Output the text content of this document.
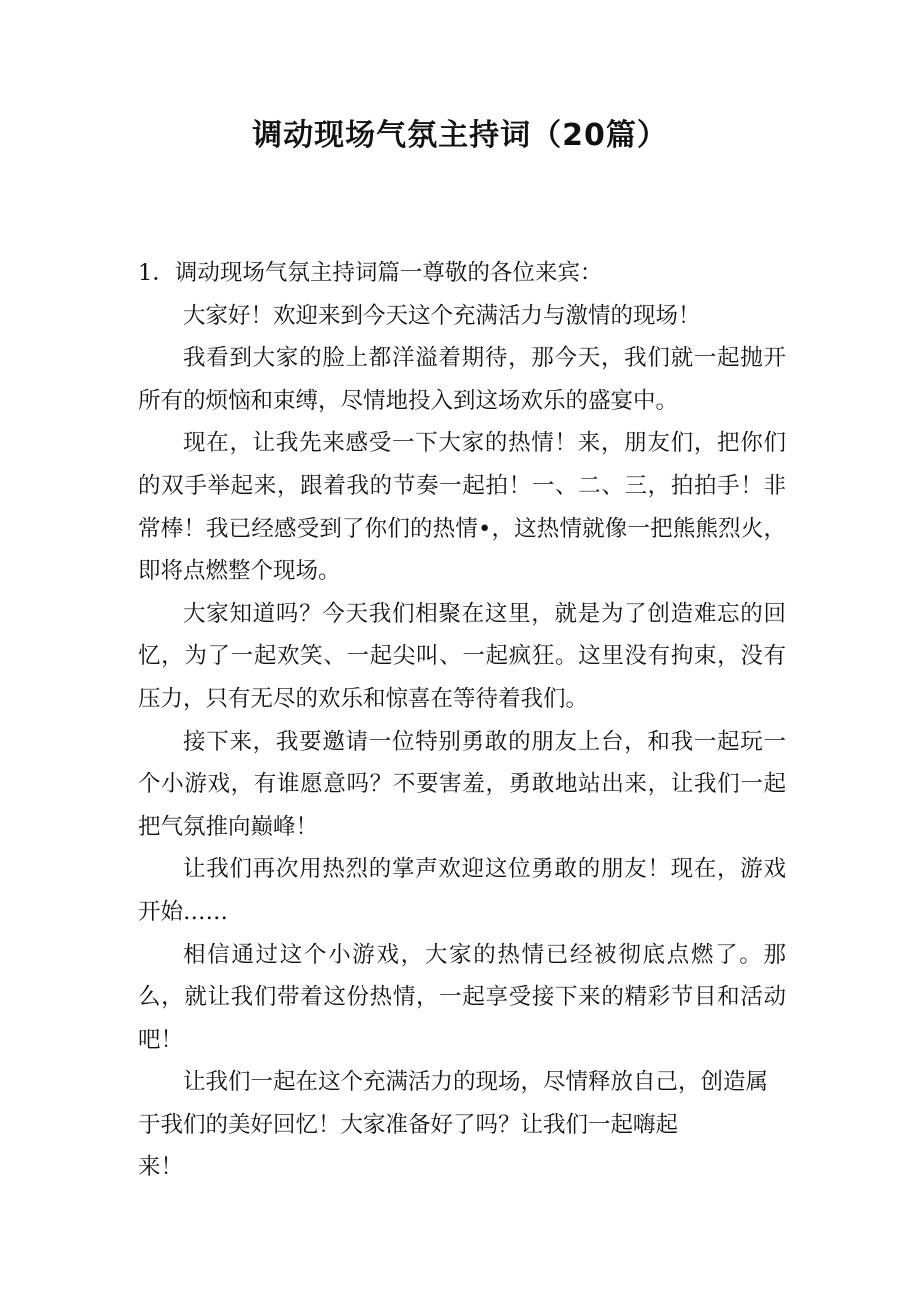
调动现场气氛主持词（20篇）

1．调动现场气氛主持词篇一尊敬的各位来宾：

大家好！欢迎来到今天这个充满活力与激情的现场！

我看到大家的脸上都洋溢着期待，那今天，我们就一起抛开所有的烦恼和束缚，尽情地投入到这场欢乐的盛宴中。

现在，让我先来感受一下大家的热情！来，朋友们，把你们的双手举起来，跟着我的节奏一起拍！一、二、三，拍拍手！非常棒！我已经感受到了你们的热情•，这热情就像一把熊熊烈火，即将点燃整个现场。

大家知道吗？今天我们相聚在这里，就是为了创造难忘的回忆，为了一起欢笑、一起尖叫、一起疯狂。这里没有拘束，没有压力，只有无尽的欢乐和惊喜在等待着我们。

接下来，我要邀请一位特别勇敢的朋友上台，和我一起玩一个小游戏，有谁愿意吗？不要害羞，勇敢地站出来，让我们一起把气氛推向巅峰！

让我们再次用热烈的掌声欢迎这位勇敢的朋友！现在，游戏开始……

相信通过这个小游戏，大家的热情已经被彻底点燃了。那么，就让我们带着这份热情，一起享受接下来的精彩节目和活动吧！

让我们一起在这个充满活力的现场，尽情释放自己，创造属于我们的美好回忆！大家准备好了吗？让我们一起嗨起

来！
